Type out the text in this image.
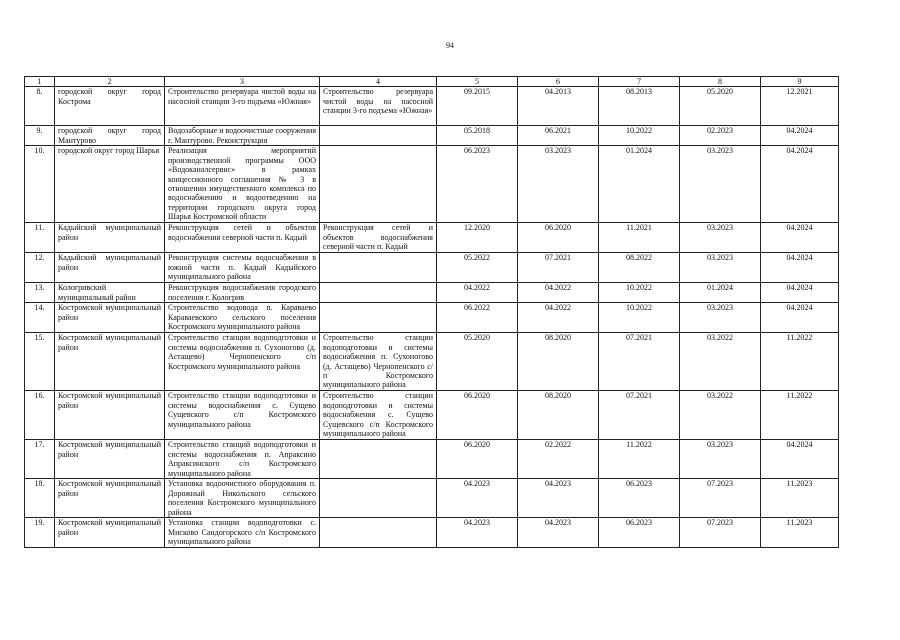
94
1	2	3	4	5	6	7	8	9
8.	городской округ город Кострома	Строительство резервуара чистой воды на насосной станции 3-го подъема «Южная»	Строительство резервуара чистой воды на насосной станции 3-го подъема «Южная»	09.2015	04.2013	08.2013	05.2020	12.2021
9.	городской округ город Мантурово	Водозаборные и водоочистные сооружения г. Мантурово. Реконструкция		05.2018	06.2021	10.2022	02.2023	04.2024
10.	городской округ город Шарья	Реализация мероприятий производственной программы ООО «Водоканалсервис» в рамках концессионного соглашения № 3 в отношении имущественного комплекса по водоснабжению и водоотведению на территории городского округа город Шарья Костромской области		06.2023	03.2023	01.2024	03.2023	04.2024
11.	Кадыйский муниципальный район	Реконструкция сетей и объектов водоснабжения северной части п. Кадый	Реконструкция сетей и объектов водоснабжения северной части п. Кадый	12.2020	06.2020	11.2021	03.2023	04.2024
12.	Кадыйский муниципальный район	Реконструкция системы водоснабжения в южной части п. Кадый Кадыйского муниципального района		05.2022	07.2021	08.2022	03.2023	04.2024
13.	Кологривский муниципальный район	Реконструкция водоснабжения городского поселения г. Кологрив		04.2022	04.2022	10.2022	01.2024	04.2024
14.	Костромской муниципальный район	Строительство водовода п. Караваево Караваевского сельского поселения Костромского муниципального района		06.2022	04.2022	10.2022	03.2023	04.2024
15.	Костромской муниципальный район	Строительство станции водоподготовки и системы водоснабжения п. Сухоногово (д. Астащево) Чернопенского с/п Костромского муниципального района	Строительство станции водоподготовки и системы водоснабжения п. Сухоногово (д. Астащево) Чернопенского с/п Костромского муниципального района	05.2020	08.2020	07.2021	03.2022	11.2022
16.	Костромской муниципальный район	Строительство станции водоподготовки и системы водоснабжения с. Сущево Сущевского с/п Костромского муниципального района	Строительство станции водоподготовки и системы водоснабжения с. Сущево Сущевского с/п Костромского муниципального района	06.2020	08.2020	07.2021	03.2022	11.2022
17.	Костромской муниципальный район	Строительство станций водоподготовки и системы водоснабжения п. Апраксино Апраксинского с/п Костромского муниципального района		06.2020	02.2022	11.2022	03.2023	04.2024
18.	Костромской муниципальный район	Установка водоочистного оборудования п. Дорожный Никольского сельского поселения Костромского муниципального района		04.2023	04.2023	06.2023	07.2023	11.2023
19.	Костромской муниципальный район	Установка станции водоподготовки с. Мисково Сандогорского с/п Костромского муниципального района		04.2023	04.2023	06.2023	07.2023	11.2023
